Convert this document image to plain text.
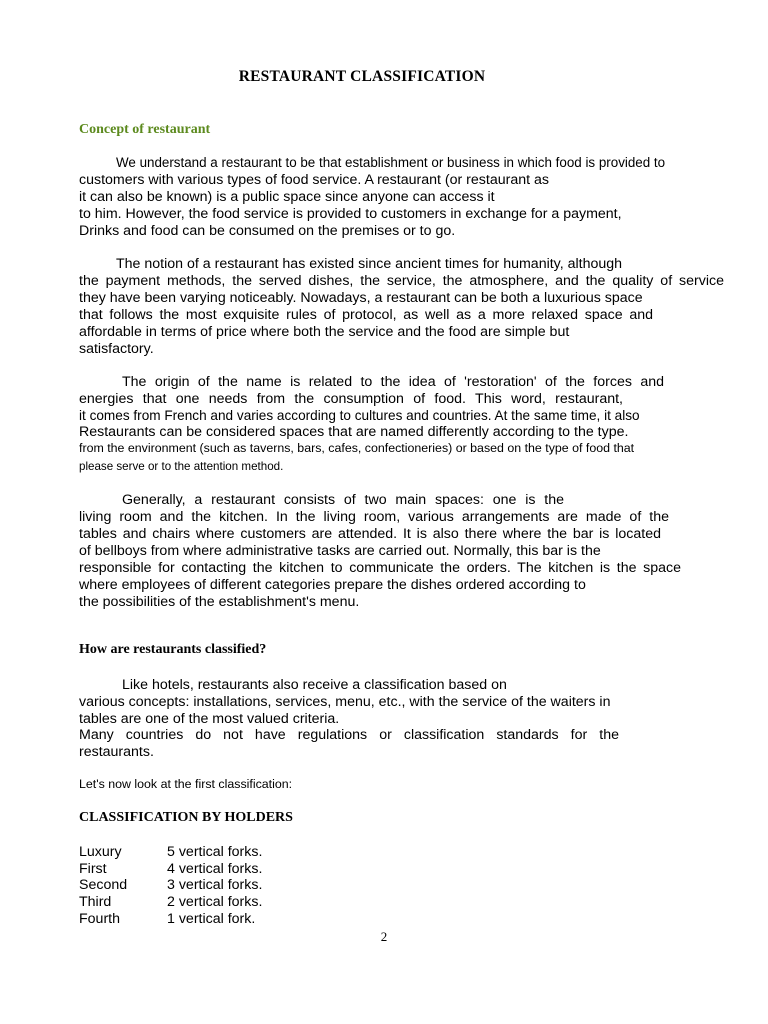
RESTAURANT CLASSIFICATION
Concept of restaurant
We understand a restaurant to be that establishment or business in which food is provided to
customers with various types of food service. A restaurant (or restaurant as
it can also be known) is a public space since anyone can access it
to him. However, the food service is provided to customers in exchange for a payment,
Drinks and food can be consumed on the premises or to go.
The notion of a restaurant has existed since ancient times for humanity, although
the payment methods, the served dishes, the service, the atmosphere, and the quality of service
they have been varying noticeably. Nowadays, a restaurant can be both a luxurious space
that follows the most exquisite rules of protocol, as well as a more relaxed space and
affordable in terms of price where both the service and the food are simple but
satisfactory.
The origin of the name is related to the idea of 'restoration' of the forces and
energies that one needs from the consumption of food. This word, restaurant,
it comes from French and varies according to cultures and countries. At the same time, it also
Restaurants can be considered spaces that are named differently according to the type.
from the environment (such as taverns, bars, cafes, confectioneries) or based on the type of food that
please serve or to the attention method.
Generally, a restaurant consists of two main spaces: one is the
living room and the kitchen. In the living room, various arrangements are made of the
tables and chairs where customers are attended. It is also there where the bar is located
of bellboys from where administrative tasks are carried out. Normally, this bar is the
responsible for contacting the kitchen to communicate the orders. The kitchen is the space
where employees of different categories prepare the dishes ordered according to
the possibilities of the establishment's menu.
How are restaurants classified?
Like hotels, restaurants also receive a classification based on
various concepts: installations, services, menu, etc., with the service of the waiters in
tables are one of the most valued criteria.
Many countries do not have regulations or classification standards for the
restaurants.
Let's now look at the first classification:
CLASSIFICATION BY HOLDERS
Luxury	5 vertical forks.
First	4 vertical forks.
Second	3 vertical forks.
Third	2 vertical forks.
Fourth	1 vertical fork.
2
